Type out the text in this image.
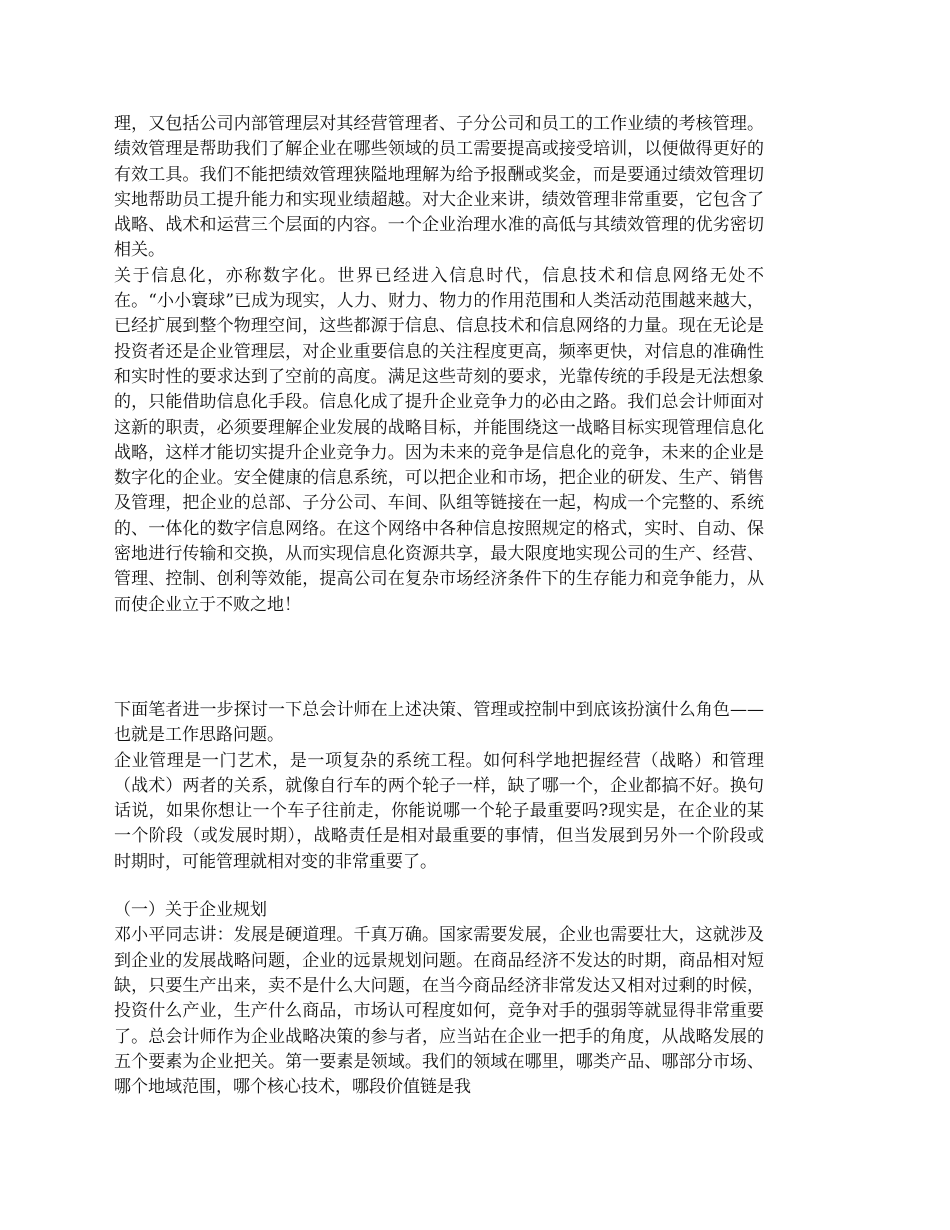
理，又包括公司内部管理层对其经营管理者、子分公司和员工的工作业绩的考核管理。绩效管理是帮助我们了解企业在哪些领域的员工需要提高或接受培训，以便做得更好的有效工具。我们不能把绩效管理狭隘地理解为给予报酬或奖金，而是要通过绩效管理切实地帮助员工提升能力和实现业绩超越。对大企业来讲，绩效管理非常重要，它包含了战略、战术和运营三个层面的内容。一个企业治理水准的高低与其绩效管理的优劣密切相关。

关于信息化，亦称数字化。世界已经进入信息时代，信息技术和信息网络无处不在。“小小寰球”已成为现实，人力、财力、物力的作用范围和人类活动范围越来越大，已经扩展到整个物理空间，这些都源于信息、信息技术和信息网络的力量。现在无论是投资者还是企业管理层，对企业重要信息的关注程度更高，频率更快，对信息的准确性和实时性的要求达到了空前的高度。满足这些苛刻的要求，光靠传统的手段是无法想象的，只能借助信息化手段。信息化成了提升企业竞争力的必由之路。我们总会计师面对这新的职责，必须要理解企业发展的战略目标，并能围绕这一战略目标实现管理信息化战略，这样才能切实提升企业竞争力。因为未来的竞争是信息化的竞争，未来的企业是数字化的企业。安全健康的信息系统，可以把企业和市场，把企业的研发、生产、销售及管理，把企业的总部、子分公司、车间、队组等链接在一起，构成一个完整的、系统的、一体化的数字信息网络。在这个网络中各种信息按照规定的格式，实时、自动、保密地进行传输和交换，从而实现信息化资源共享，最大限度地实现公司的生产、经营、管理、控制、创利等效能，提高公司在复杂市场经济条件下的生存能力和竞争能力，从而使企业立于不败之地！

下面笔者进一步探讨一下总会计师在上述决策、管理或控制中到底该扮演什么角色——也就是工作思路问题。

企业管理是一门艺术，是一项复杂的系统工程。如何科学地把握经营（战略）和管理（战术）两者的关系，就像自行车的两个轮子一样，缺了哪一个，企业都搞不好。换句话说，如果你想让一个车子往前走，你能说哪一个轮子最重要吗?现实是，在企业的某一个阶段（或发展时期），战略责任是相对最重要的事情，但当发展到另外一个阶段或时期时，可能管理就相对变的非常重要了。

（一）关于企业规划

邓小平同志讲：发展是硬道理。千真万确。国家需要发展，企业也需要壮大，这就涉及到企业的发展战略问题，企业的远景规划问题。在商品经济不发达的时期，商品相对短缺，只要生产出来，卖不是什么大问题，在当今商品经济非常发达又相对过剩的时候，投资什么产业，生产什么商品，市场认可程度如何，竞争对手的强弱等就显得非常重要了。总会计师作为企业战略决策的参与者，应当站在企业一把手的角度，从战略发展的五个要素为企业把关。第一要素是领域。我们的领域在哪里，哪类产品、哪部分市场、哪个地域范围，哪个核心技术，哪段价值链是我
